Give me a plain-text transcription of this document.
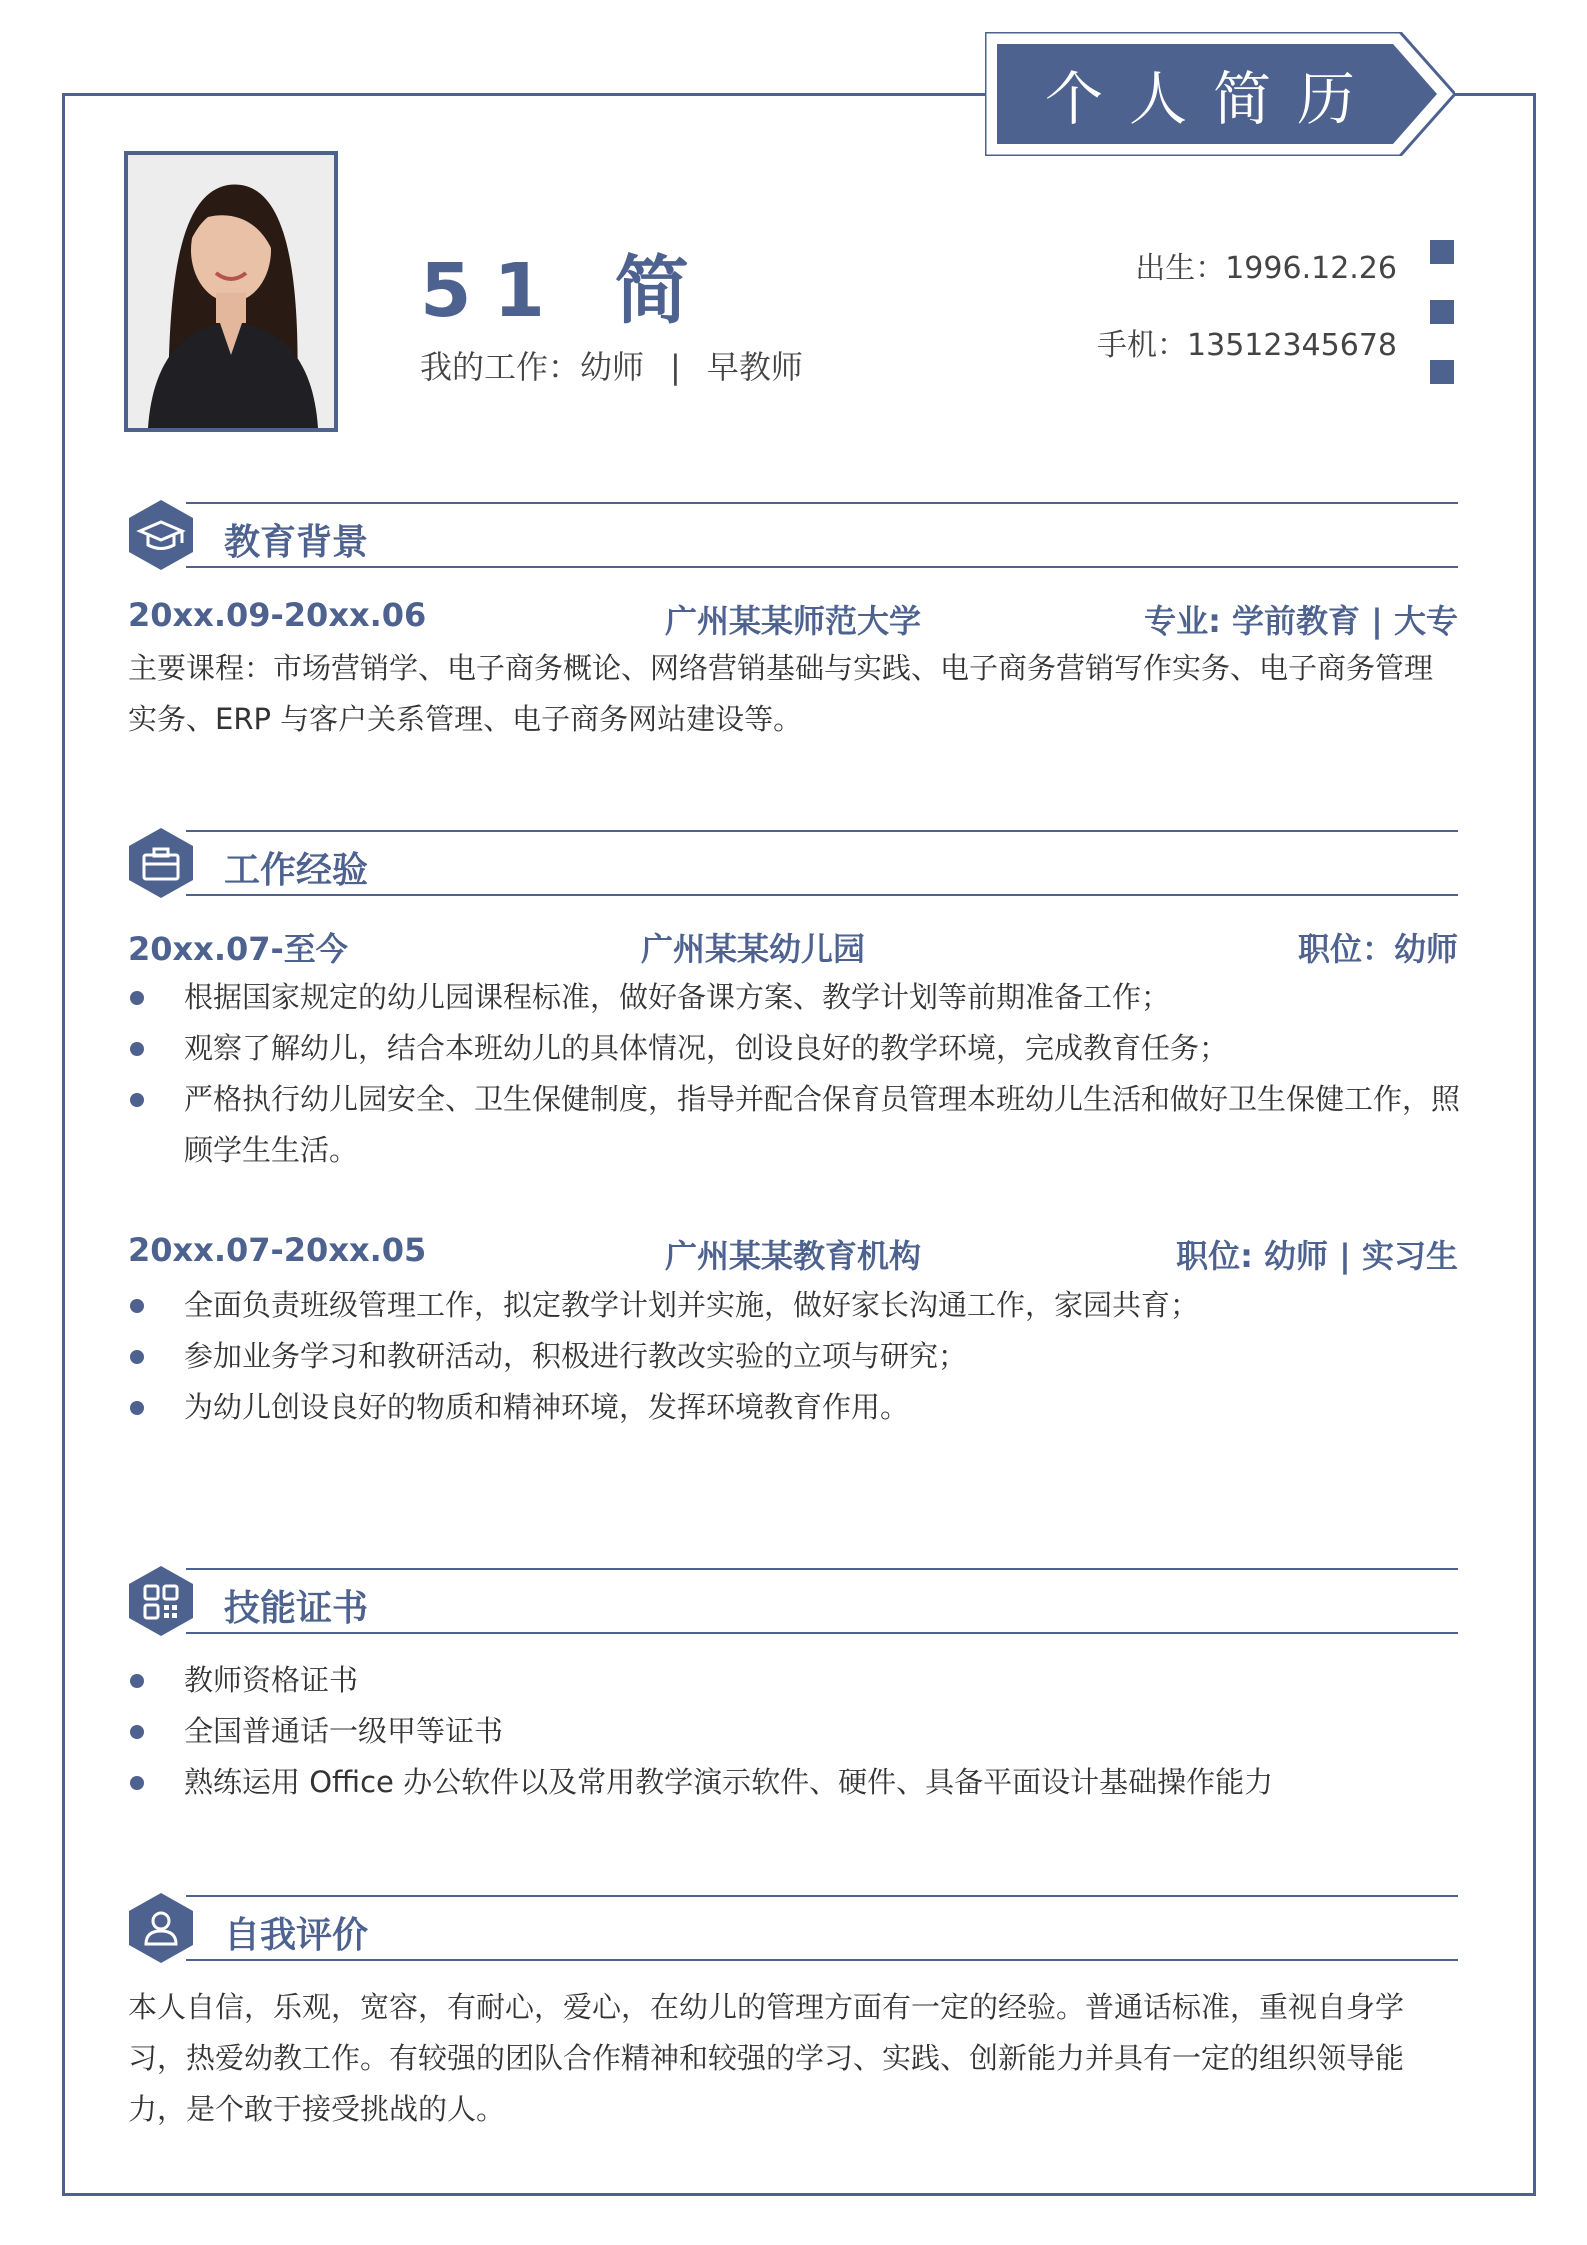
个人简历
51 简
我的工作：幼师 | 早教师
出生：1996.12.26
手机：13512345678
教育背景
20xx.09-20xx.06	广州某某师范大学	专业: 学前教育 | 大专
主要课程：市场营销学、电子商务概论、网络营销基础与实践、电子商务营销写作实务、电子商务管理实务、ERP 与客户关系管理、电子商务网站建设等。
工作经验
20xx.07-至今	广州某某幼儿园	职位：幼师
根据国家规定的幼儿园课程标准，做好备课方案、教学计划等前期准备工作；
观察了解幼儿，结合本班幼儿的具体情况，创设良好的教学环境，完成教育任务；
严格执行幼儿园安全、卫生保健制度，指导并配合保育员管理本班幼儿生活和做好卫生保健工作，照顾学生生活。
20xx.07-20xx.05	广州某某教育机构	职位: 幼师 | 实习生
全面负责班级管理工作，拟定教学计划并实施，做好家长沟通工作，家园共育；
参加业务学习和教研活动，积极进行教改实验的立项与研究；
为幼儿创设良好的物质和精神环境，发挥环境教育作用。
技能证书
教师资格证书
全国普通话一级甲等证书
熟练运用 Office 办公软件以及常用教学演示软件、硬件、具备平面设计基础操作能力
自我评价
本人自信，乐观，宽容，有耐心，爱心，在幼儿的管理方面有一定的经验。普通话标准，重视自身学习，热爱幼教工作。有较强的团队合作精神和较强的学习、实践、创新能力并具有一定的组织领导能力，是个敢于接受挑战的人。
